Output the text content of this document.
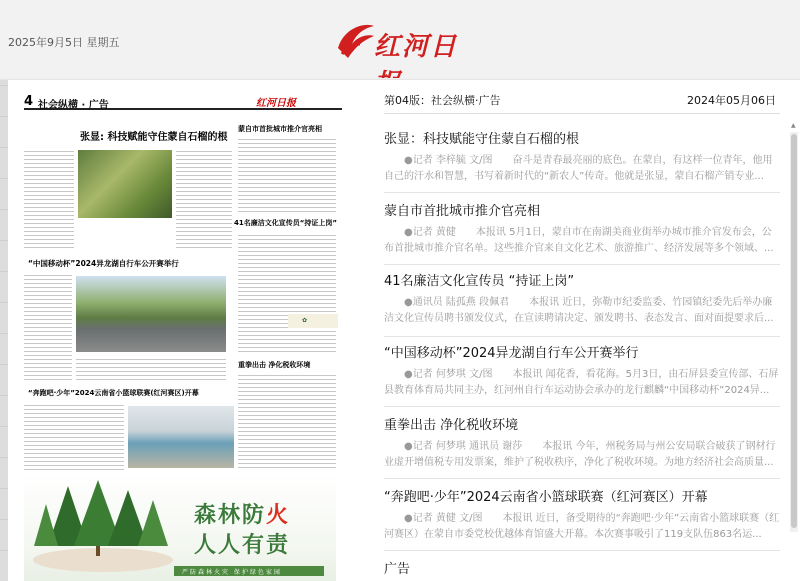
2025年9月5日 星期五	红河日
4 社会纵横 · 广告	红河日报
张显: 科技赋能守住蒙自石榴的根
蒙自市首批城市推介官亮相
41名廉洁文化宣传员“持证上岗”
“中国移动杯”2024异龙湖自行车公开赛举行
✿
重拳出击 净化税收环境
“奔跑吧·少年”2024云南省小篮球联赛(红河赛区)开幕
森林防火
人人有责
严防森林火灾 保护绿色家园
第04版：社会纵横·广告	2024年05月06日
张显：科技赋能守住蒙自石榴的根
●记者 李梓毓 文/图　　奋斗是青春最亮丽的底色。在蒙自，有这样一位青年，他用自己的汗水和智慧，书写着新时代的“新农人”传奇。他就是张显，蒙自石榴产销专业...
蒙自市首批城市推介官亮相
●记者 黄健　　本报讯 5月1日，蒙自市在南湖美商业街举办城市推介官发布会，公布首批城市推介官名单。这些推介官来自文化艺术、旅游推广、经济发展等多个领域、...
41名廉洁文化宣传员 “持证上岗”
●通讯员 陆孤燕 段佩君　　本报讯 近日，弥勒市纪委监委、竹园镇纪委先后举办廉洁文化宣传员聘书颁发仪式，在宣读聘请决定、颁发聘书、表态发言、面对面提要求后...
“中国移动杯”2024异龙湖自行车公开赛举行
●记者 何梦琪 文/图　　本报讯 闻花香，看花海。5月3日，由石屏县委宣传部、石屏县教育体育局共同主办，红河州自行车运动协会承办的龙行麒麟“中国移动杯”2024异...
重拳出击 净化税收环境
●记者 何梦琪 通讯员 谢莎　　本报讯 今年，州税务局与州公安局联合破获了钢材行业虚开增值税专用发票案，维护了税收秩序，净化了税收环境。为地方经济社会高质量...
“奔跑吧·少年”2024云南省小篮球联赛（红河赛区）开幕
●记者 黄健 文/图　　本报讯 近日，备受期待的“奔跑吧·少年”云南省小篮球联赛（红河赛区）在蒙自市委党校优越体育馆盛大开幕。本次赛事吸引了119支队伍863名运...
广告
▲
